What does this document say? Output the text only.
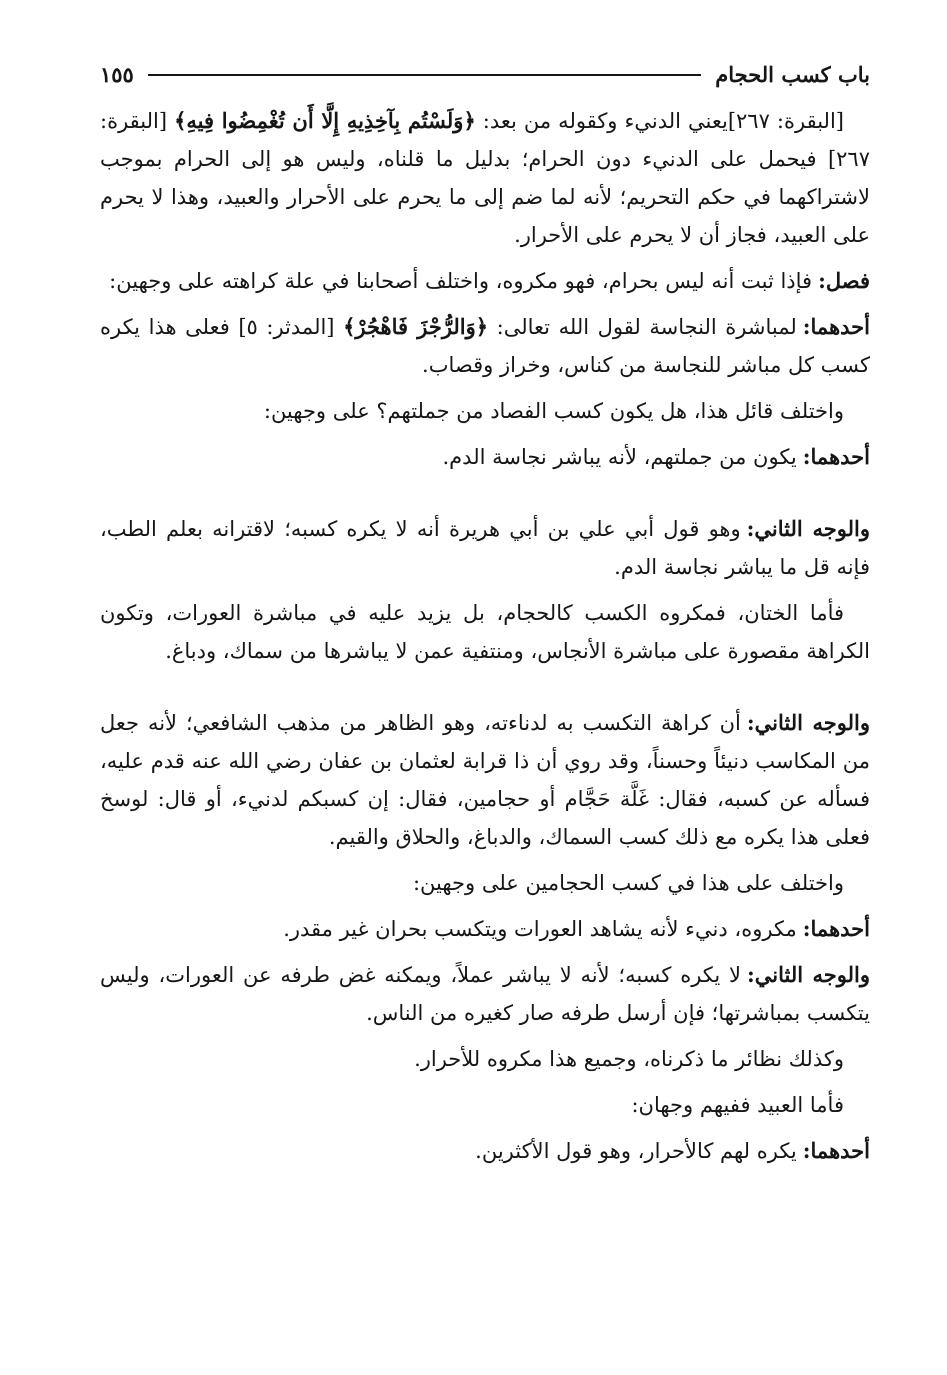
باب كسب الحجام
١٥٥

[البقرة: ٢٦٧]يعني الدنيء وكقوله من بعد: ﴿وَلَسْتُم بِآخِذِيهِ إِلَّا أَن تُغْمِضُوا فِيهِ﴾ [البقرة: ٢٦٧] فيحمل على الدنيء دون الحرام؛ بدليل ما قلناه، وليس هو إلى الحرام بموجب لاشتراكهما في حكم التحريم؛ لأنه لما ضم إلى ما يحرم على الأحرار والعبيد، وهذا لا يحرم على العبيد، فجاز أن لا يحرم على الأحرار.

فصل:فإذا ثبت أنه ليس بحرام، فهو مكروه، واختلف أصحابنا في علة كراهته على وجهين:

أحدهما:لمباشرة النجاسة لقول الله تعالى: ﴿وَالرُّجْزَ فَاهْجُرْ﴾ [المدثر: ٥] فعلى هذا يكره كسب كل مباشر للنجاسة من كناس، وخراز وقصاب.

واختلف قائل هذا، هل يكون كسب الفصاد من جملتهم؟ على وجهين:

أحدهما:يكون من جملتهم، لأنه يباشر نجاسة الدم.

والوجه الثاني:وهو قول أبي علي بن أبي هريرة أنه لا يكره كسبه؛ لاقترانه بعلم الطب، فإنه قل ما يباشر نجاسة الدم.

فأما الختان، فمكروه الكسب كالحجام، بل يزيد عليه في مباشرة العورات، وتكون الكراهة مقصورة على مباشرة الأنجاس، ومنتفية عمن لا يباشرها من سماك، ودباغ.

والوجه الثاني:أن كراهة التكسب به لدناءته، وهو الظاهر من مذهب الشافعي؛ لأنه جعل من المكاسب دنيئاً وحسناً، وقد روي أن ذا قرابة لعثمان بن عفان رضي الله عنه قدم عليه، فسأله عن كسبه، فقال: غَلَّة حَجَّام أو حجامين، فقال: إن كسبكم لدنيء، أو قال: لوسخ فعلى هذا يكره مع ذلك كسب السماك، والدباغ، والحلاق والقيم.

واختلف على هذا في كسب الحجامين على وجهين:

أحدهما:مكروه، دنيء لأنه يشاهد العورات ويتكسب بحران غير مقدر.

والوجه الثاني:لا يكره كسبه؛ لأنه لا يباشر عملاً، ويمكنه غض طرفه عن العورات، وليس يتكسب بمباشرتها؛ فإن أرسل طرفه صار كغيره من الناس.

وكذلك نظائر ما ذكرناه، وجميع هذا مكروه للأحرار.

فأما العبيد ففيهم وجهان:

أحدهما:يكره لهم كالأحرار، وهو قول الأكثرين.
